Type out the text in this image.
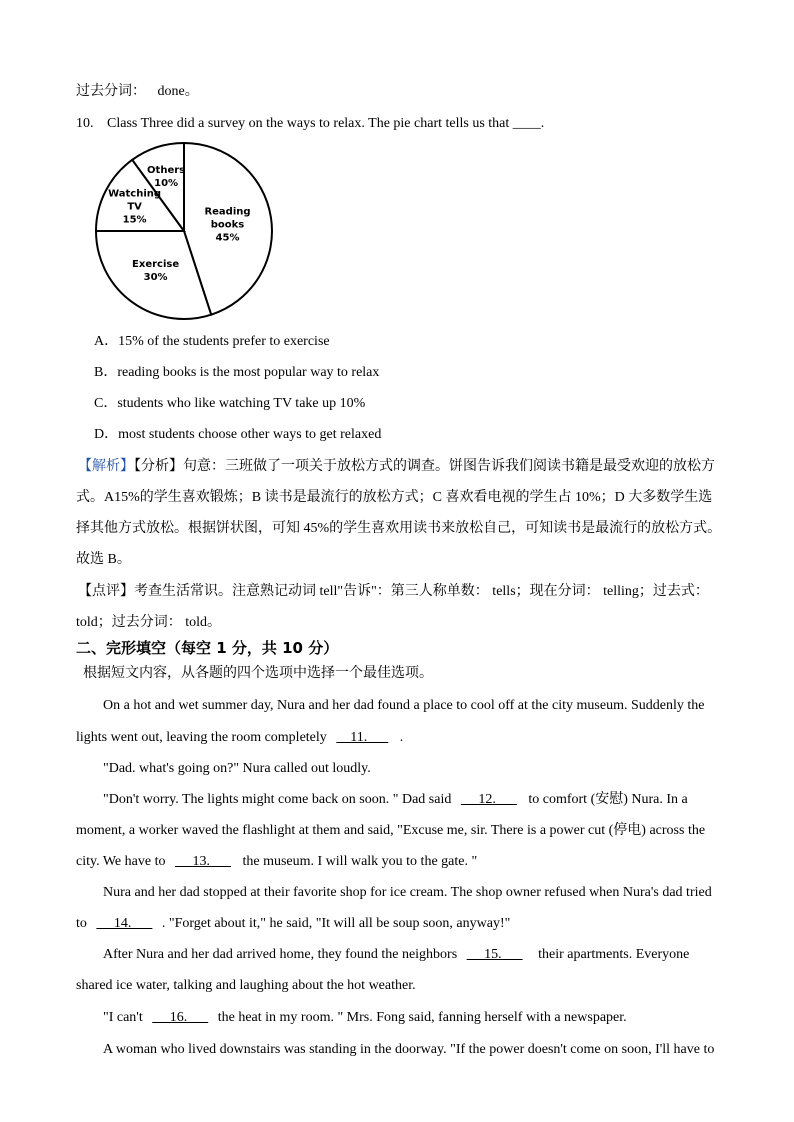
过去分词： done。
10. Class Three did a survey on the ways to relax. The pie chart tells us that ____.
Reading
books
45%
Exercise
30%
Watching
TV
15%
Others
10%
A．15% of the students prefer to exercise
B．reading books is the most popular way to relax
C．students who like watching TV take up 10%
D．most students choose other ways to get relaxed
【解析】【分析】句意：三班做了一项关于放松方式的调查。饼图告诉我们阅读书籍是最受欢迎的放松方
式。A15%的学生喜欢锻炼；B 读书是最流行的放松方式；C 喜欢看电视的学生占 10%；D 大多数学生选
择其他方式放松。根据饼状图，可知 45%的学生喜欢用读书来放松自己，可知读书是最流行的放松方式。
故选 B。
【点评】考查生活常识。注意熟记动词 tell"告诉"：第三人称单数： tells；现在分词： telling；过去式：
told；过去分词： told。
二、完形填空（每空 1 分，共 10 分）
根据短文内容，从各题的四个选项中选择一个最佳选项。
On a hot and wet summer day, Nura and her dad found a place to cool off at the city museum. Suddenly the
lights went out, leaving the room completely     11.       .
"Dad. what's going on?" Nura called out loudly.
"Don't worry. The lights might come back on soon. " Dad said      12.       to comfort (安慰) Nura. In a
moment, a worker waved the flashlight at them and said, "Excuse me, sir. There is a power cut (停电) across the
city. We have to      13.       the museum. I will walk you to the gate. "
Nura and her dad stopped at their favorite shop for ice cream. The shop owner refused when Nura's dad tried
to      14.       . "Forget about it," he said, "It will all be soup soon, anyway!"
After Nura and her dad arrived home, they found the neighbors      15.       their apartments. Everyone
shared ice water, talking and laughing about the hot weather.
"I can't      16.       the heat in my room. " Mrs. Fong said, fanning herself with a newspaper.
A woman who lived downstairs was standing in the doorway. "If the power doesn't come on soon, I'll have to
